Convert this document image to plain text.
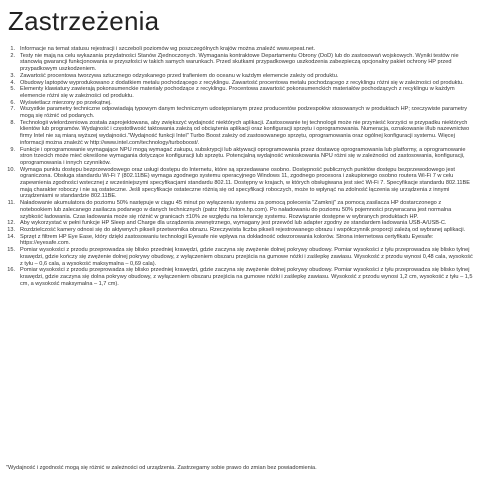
Zastrzeżenia
1. Informacje na temat statusu rejestracji i szczeboli poziomów wg poszczególnych krajów można znaleźć www.epeat.net.
2. Testy nie mają na celu wykazania przydatności Stanów Zjednoczonych. Wymagania kontraktowe Departamentu Obrony (DoD) lub do zastosowań wojskowych. Wyniki testów nie stanowią gwarancji funkcjonowania w przyszłości w takich samych warunkach. Przed skutkami przypadkowego uszkodzenia zabezpieczą opcjonalny pakiet ochrony HP przed przypadkowym uszkodzeniem.
3. Zawartość procentowa tworzywa sztucznego odzyskanego przed trafieniem do oceanu w każdym elemencie zależy od produktu.
4. Obudowy laptopów wyprodukowano z dodatkiem metalu pochodzącego z recyklingu. Zawartość procentowa metalu pochodzącego z recyklingu różni się w zależności od produktu.
5. Elementy klawiatury zawierają pokonsumenckie materiały pochodzące z recyklingu. Procentowa zawartość pokonsumenckich materiałów pochodzących z recyklingu w każdym elemencie różni się w zależności od produktu.
6. Wyświetlacz mierzony po przekątnej.
7. Wszystkie parametry techniczne odpowiadają typowym danym technicznym udostępnianym przez producentów podzespołów stosowanych w produktach HP; rzeczywiste parametry mogą się różnić od podanych.
8. Technologii wielordzeniowa została zaprojektowana, aby zwiększyć wydajność niektórych aplikacji. Zastosowanie tej technologii może nie przynieść korzyści w przypadku niektórych klientów lub programów. Wydajność i częstotliwość taktowania zależą od obciążenia aplikacji oraz konfiguracji sprzętu i oprogramowania. Numeracja, oznakowanie i/lub nazewnictwo firmy Intel nie są miarą wyższej wydajności."Wydajność funkcji Intel" Turbo Boost zależy od zastosowanego sprzętu, oprogramowania oraz ogólnej konfiguracji systemu. Więcej informacji można znaleźć w http://www.intel.com/technology/turboboost/.
9. Funkcje i oprogramowanie wymagające NPU mogą wymagać zakupu, subskrypcji lub aktywacji oprogramowania przez dostawcę oprogramowania lub platformy, a oprogramowanie stron trzecich może mieć określone wymagania dotyczące konfiguracji lub sprzętu. Potencjalną wydajność wnioskowania NPU różni się w zależności od zastosowania, konfiguracji, oprogramowania i innych czynników.
10. Wymaga punktu dostępu bezprzewodowego oraz usługi dostępu do Internetu, które są sprzedawane osobno. Dostępność publicznych punktów dostępu bezprzewodowego jest ograniczona. Obsługa standardu Wi-Fi 7 (802.11BE) wymaga zgodnego systemu operacyjnego Windows 11, zgodnego procesora i zakupionego osobno routera Wi-Fi 7 w celu zapewnienia zgodności wstecznej z wcześniejszymi specyfikacjami standardu 802.11. Dostępny w krajach, w których obsługiwana jest sieć Wi-Fi 7. Specyfikacje standardu 802.11BE mają charakter roboczy i nie są ostateczne. Jeśli specyfikacje ostateczne różnią się od specyfikacji roboczych, może to wpłynąć na zdolność łączenia się urządzenia z innymi urządzeniami w standardzie 802.11BE.
11. Naładowanie akumulatora do poziomu 50% następuje w ciągu 45 minut po wyłączeniu systemu za pomocą polecenia "Zamknij" za pomocą zasilacza HP dostarczonego z notebookiem lub zalecanego zasilacza podanego w danych technicznych (patrz http://store.hp.com). Po naładowaniu do poziomu 50% pojemności przywracana jest normalna szybkość ładowania. Czas ładowania może się różnić w granicach ±10% ze względu na tolerancję systemu. Rozwiązanie dostępne w wybranych produktach HP.
12. Aby wykorzystać w pełni funkcje HP Sleep and Charge dla urządzenia zewnętrznego, wymagany jest przewód lub adapter zgodny ze standardem ładowania USB-A/USB-C.
13. Rozdzielczość kamery odnosi się do aktywnych pikseli przetwornika obrazu. Rzeczywista liczba pikseli rejestrowanego obrazu i współczynnik proporcji zależą od wybranej aplikacji.
14. Sprzęt z filtrem HP Eye Ease, który dzięki zastosowaniu technologii Eyesafe nie wpływa na dokładność odwzorowania kolorów. Strona internetowa certyfikatu Eyesafe: https://eyesafe.com.
15. Pomiar wysokości z przodu przeprowadza się blisko przedniej krawędzi, gdzie zaczyna się zwężenie dolnej pokrywy obudowy. Pomiar wysokości z tyłu przeprowadza się blisko tylnej krawędzi, gdzie kończy się zwężenie dolnej pokrywy obudowy, z wyłączeniem obszaru przejścia na gumowe nóżki i zaślepkę zawiasu. Wysokość z przodu wynosi 0,48 cala, wysokość z tyłu – 0,6 cala, a wysokość maksymalna – 0,69 cala).
16. Pomiar wysokości z przodu przeprowadza się blisko przedniej krawędzi, gdzie zaczyna się zwężenie dolnej pokrywy obudowy. Pomiar wysokości z tyłu przeprowadza się blisko tylnej krawędzi, gdzie zaczyna się dolna pokrywy obudowy, z wyłączeniem obszaru przejścia na gumowe nóżki i zaślepkę zawiasu. Wysokość z przodu wynosi 1,2 cm, wysokość z tyłu – 1,5 cm, a wysokość maksymalna – 1,7 cm).

"Wydajność i zgodność mogą się różnić w zależności od urządzenia. Zastrzegamy sobie prawo do zmian bez powiadomienia.
